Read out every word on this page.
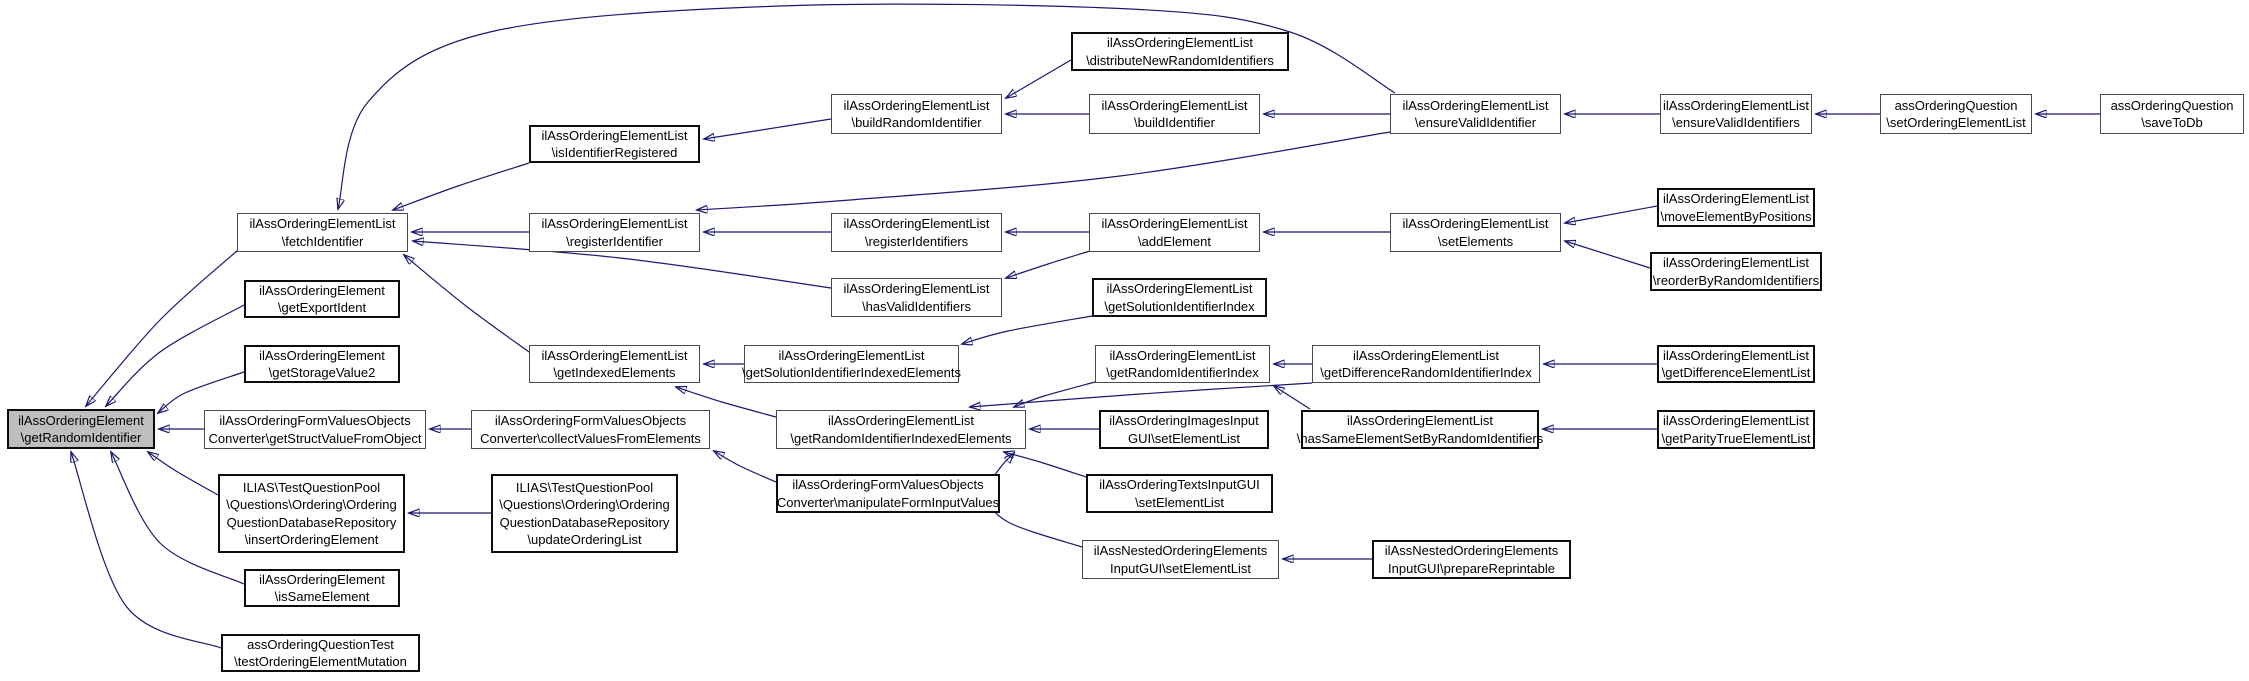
ilAssOrderingElement
\getRandomIdentifier
ilAssOrderingElementList
\fetchIdentifier
ilAssOrderingElement
\getExportIdent
ilAssOrderingElement
\getStorageValue2
ilAssOrderingFormValuesObjects
Converter\getStructValueFromObject
ILIAS\TestQuestionPool
\Questions\Ordering\Ordering
QuestionDatabaseRepository
\insertOrderingElement
ilAssOrderingElement
\isSameElement
assOrderingQuestionTest
\testOrderingElementMutation
ilAssOrderingElementList
\isIdentifierRegistered
ilAssOrderingElementList
\registerIdentifier
ilAssOrderingElementList
\getIndexedElements
ilAssOrderingFormValuesObjects
Converter\collectValuesFromElements
ILIAS\TestQuestionPool
\Questions\Ordering\Ordering
QuestionDatabaseRepository
\updateOrderingList
ilAssOrderingElementList
\buildRandomIdentifier
ilAssOrderingElementList
\registerIdentifiers
ilAssOrderingElementList
\hasValidIdentifiers
ilAssOrderingElementList
\getSolutionIdentifierIndexedElements
ilAssOrderingElementList
\getRandomIdentifierIndexedElements
ilAssOrderingFormValuesObjects
Converter\manipulateFormInputValues
ilAssOrderingElementList
\distributeNewRandomIdentifiers
ilAssOrderingElementList
\buildIdentifier
ilAssOrderingElementList
\addElement
ilAssOrderingElementList
\getSolutionIdentifierIndex
ilAssOrderingElementList
\getRandomIdentifierIndex
ilAssOrderingImagesInput
GUI\setElementList
ilAssOrderingTextsInputGUI
\setElementList
ilAssNestedOrderingElements
InputGUI\setElementList
ilAssOrderingElementList
\ensureValidIdentifier
ilAssOrderingElementList
\setElements
ilAssOrderingElementList
\getDifferenceRandomIdentifierIndex
ilAssOrderingElementList
\hasSameElementSetByRandomIdentifiers
ilAssNestedOrderingElements
InputGUI\prepareReprintable
ilAssOrderingElementList
\moveElementByPositions
ilAssOrderingElementList
\reorderByRandomIdentifiers
ilAssOrderingElementList
\getDifferenceElementList
ilAssOrderingElementList
\getParityTrueElementList
ilAssOrderingElementList
\ensureValidIdentifiers
assOrderingQuestion
\setOrderingElementList
assOrderingQuestion
\saveToDb
